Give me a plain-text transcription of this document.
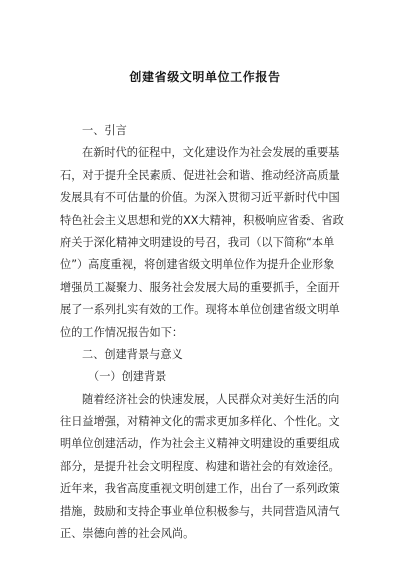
创建省级文明单位工作报告
一、引言
在新时代的征程中，文化建设作为社会发展的重要基
石，对于提升全民素质、促进社会和谐、推动经济高质量
发展具有不可估量的价值。为深入贯彻习近平新时代中国
特色社会主义思想和党的XX大精神，积极响应省委、省政
府关于深化精神文明建设的号召，我司（以下简称“本单
位”）高度重视，将创建省级文明单位作为提升企业形象
增强员工凝聚力、服务社会发展大局的重要抓手，全面开
展了一系列扎实有效的工作。现将本单位创建省级文明单
位的工作情况报告如下：
二、创建背景与意义
（一）创建背景
随着经济社会的快速发展，人民群众对美好生活的向
往日益增强，对精神文化的需求更加多样化、个性化。文
明单位创建活动，作为社会主义精神文明建设的重要组成
部分，是提升社会文明程度、构建和谐社会的有效途径。
近年来，我省高度重视文明创建工作，出台了一系列政策
措施，鼓励和支持企事业单位积极参与，共同营造风清气
正、崇德向善的社会风尚。
